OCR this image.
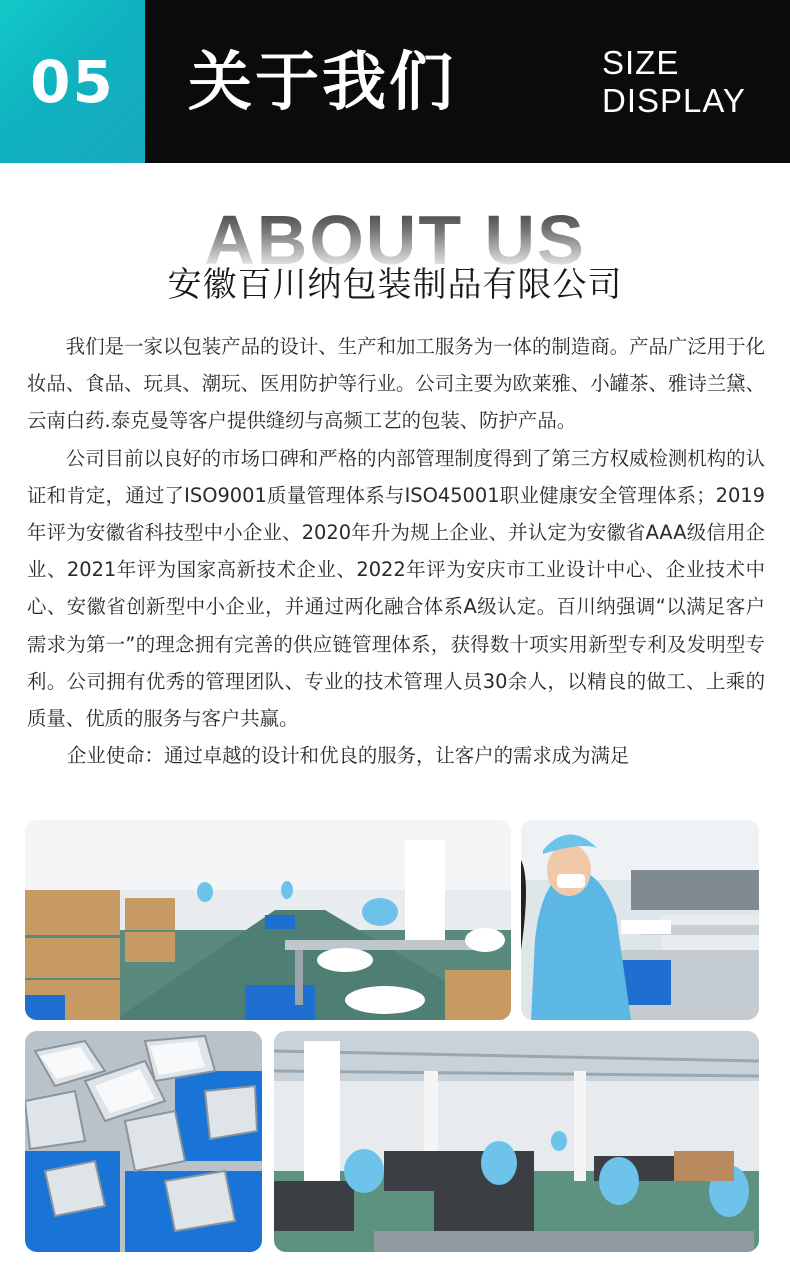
05 关于我们	SIZE
DISPLAY
ABOUT US
安徽百川纳包装制品有限公司

我们是一家以包装产品的设计、生产和加工服务为一体的制造商。产品广泛用于化妆品、食品、玩具、潮玩、医用防护等行业。公司主要为欧莱雅、小罐茶、雅诗兰黛、云南白药.泰克曼等客户提供缝纫与高频工艺的包装、防护产品。

公司目前以良好的市场口碑和严格的内部管理制度得到了第三方权威检测机构的认证和肯定，通过了ISO9001质量管理体系与ISO45001职业健康安全管理体系；2019年评为安徽省科技型中小企业、2020年升为规上企业、并认定为安徽省AAA级信用企业、2021年评为国家高新技术企业、2022年评为安庆市工业设计中心、企业技术中心、安徽省创新型中小企业，并通过两化融合体系A级认定。百川纳强调“以满足客户需求为第一”的理念拥有完善的供应链管理体系，获得数十项实用新型专利及发明型专利。公司拥有优秀的管理团队、专业的技术管理人员30余人，以精良的做工、上乘的质量、优质的服务与客户共赢。

企业使命：通过卓越的设计和优良的服务，让客户的需求成为满足
